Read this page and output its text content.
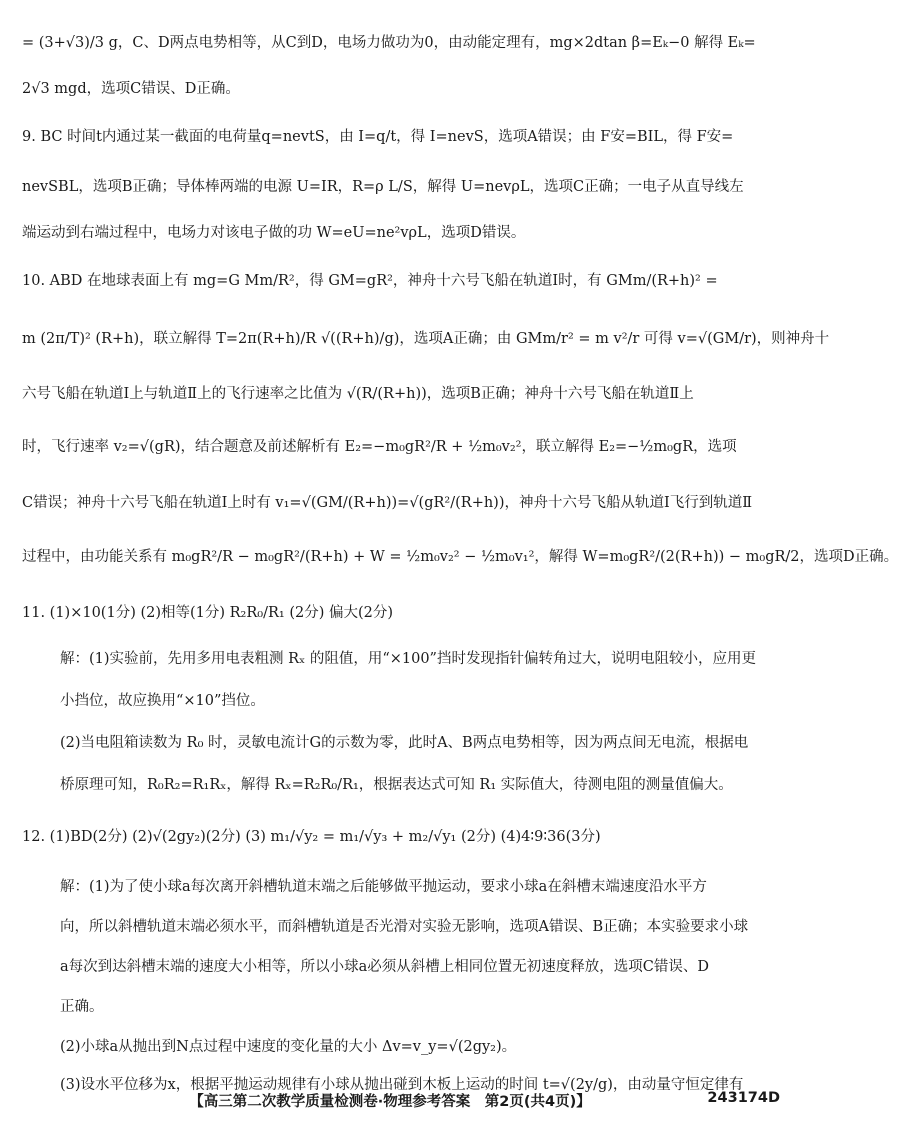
= (3+√3)/3 g，C、D两点电势相等，从C到D，电场力做功为0，由动能定理有，mg×2dtan β=Eₖ−0 解得 Eₖ=
2√3 mgd，选项C错误、D正确。
9. BC 时间t内通过某一截面的电荷量q=nevtS，由 I=q/t，得 I=nevS，选项A错误；由 F安=BIL，得 F安=
nevSBL，选项B正确；导体棒两端的电源 U=IR，R=ρ L/S，解得 U=nevρL，选项C正确；一电子从直导线左
端运动到右端过程中，电场力对该电子做的功 W=eU=ne²vρL，选项D错误。
10. ABD 在地球表面上有 mg=G Mm/R²，得 GM=gR²，神舟十六号飞船在轨道Ⅰ时，有 GMm/(R+h)² =
m (2π/T)² (R+h)，联立解得 T=2π(R+h)/R √((R+h)/g)，选项A正确；由 GMm/r² = m v²/r 可得 v=√(GM/r)，则神舟十
六号飞船在轨道Ⅰ上与轨道Ⅱ上的飞行速率之比值为 √(R/(R+h))，选项B正确；神舟十六号飞船在轨道Ⅱ上
时，飞行速率 v₂=√(gR)，结合题意及前述解析有 E₂=−m₀gR²/R + ½m₀v₂²，联立解得 E₂=−½m₀gR，选项
C错误；神舟十六号飞船在轨道Ⅰ上时有 v₁=√(GM/(R+h))=√(gR²/(R+h))，神舟十六号飞船从轨道Ⅰ飞行到轨道Ⅱ
过程中，由功能关系有 m₀gR²/R − m₀gR²/(R+h) + W = ½m₀v₂² − ½m₀v₁²，解得 W=m₀gR²/(2(R+h)) − m₀gR/2，选项D正确。
11. (1)×10(1分) (2)相等(1分) R₂R₀/R₁ (2分) 偏大(2分)
解：(1)实验前，先用多用电表粗测 Rₓ 的阻值，用“×100”挡时发现指针偏转角过大，说明电阻较小，应用更
小挡位，故应换用“×10”挡位。
(2)当电阻箱读数为 R₀ 时，灵敏电流计G的示数为零，此时A、B两点电势相等，因为两点间无电流，根据电
桥原理可知，R₀R₂=R₁Rₓ，解得 Rₓ=R₂R₀/R₁，根据表达式可知 R₁ 实际值大，待测电阻的测量值偏大。
12. (1)BD(2分) (2)√(2gy₂)(2分) (3) m₁/√y₂ = m₁/√y₃ + m₂/√y₁ (2分) (4)4∶9∶36(3分)
解：(1)为了使小球a每次离开斜槽轨道末端之后能够做平抛运动，要求小球a在斜槽末端速度沿水平方
向，所以斜槽轨道末端必须水平，而斜槽轨道是否光滑对实验无影响，选项A错误、B正确；本实验要求小球
a每次到达斜槽末端的速度大小相等，所以小球a必须从斜槽上相同位置无初速度释放，选项C错误、D
正确。
(2)小球a从抛出到N点过程中速度的变化量的大小 Δv=v_y=√(2gy₂)。
(3)设水平位移为x，根据平抛运动规律有小球从抛出碰到木板上运动的时间 t=√(2y/g)，由动量守恒定律有
【高三第二次教学质量检测卷·物理参考答案　第2页(共4页)】	243174D
